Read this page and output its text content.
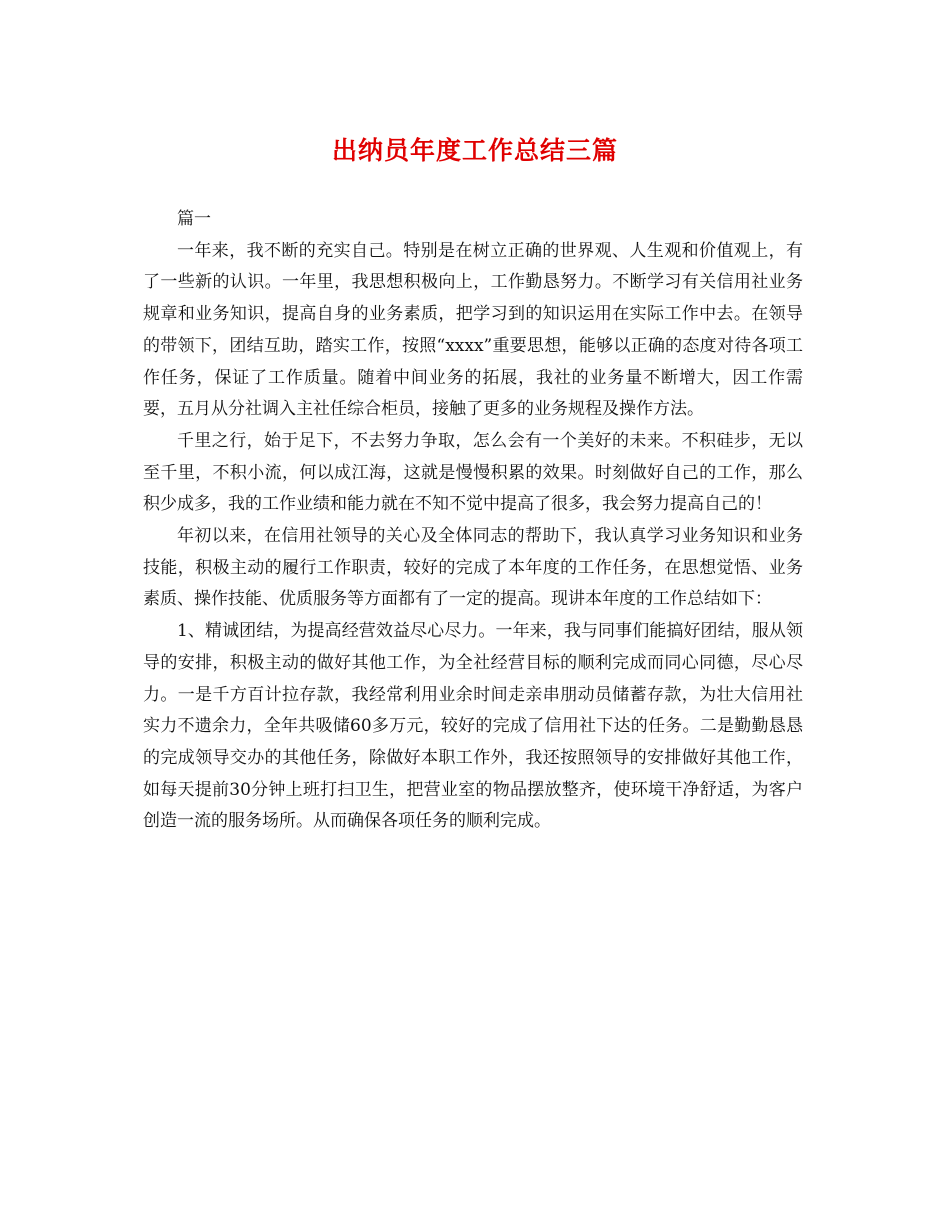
出纳员年度工作总结三篇

篇一

一年来，我不断的充实自己。特别是在树立正确的世界观、人生观和价值观上，有了一些新的认识。一年里，我思想积极向上，工作勤恳努力。不断学习有关信用社业务规章和业务知识，提高自身的业务素质，把学习到的知识运用在实际工作中去。在领导的带领下，团结互助，踏实工作，按照“xxxx”重要思想，能够以正确的态度对待各项工作任务，保证了工作质量。随着中间业务的拓展，我社的业务量不断增大，因工作需要，五月从分社调入主社任综合柜员，接触了更多的业务规程及操作方法。

千里之行，始于足下，不去努力争取，怎么会有一个美好的未来。不积硅步，无以至千里，不积小流，何以成江海，这就是慢慢积累的效果。时刻做好自己的工作，那么积少成多，我的工作业绩和能力就在不知不觉中提高了很多，我会努力提高自己的！

年初以来，在信用社领导的关心及全体同志的帮助下，我认真学习业务知识和业务技能，积极主动的履行工作职责，较好的完成了本年度的工作任务，在思想觉悟、业务素质、操作技能、优质服务等方面都有了一定的提高。现讲本年度的工作总结如下：

1、精诚团结，为提高经营效益尽心尽力。一年来，我与同事们能搞好团结，服从领导的安排，积极主动的做好其他工作，为全社经营目标的顺利完成而同心同德，尽心尽力。一是千方百计拉存款，我经常利用业余时间走亲串朋动员储蓄存款，为壮大信用社实力不遗余力，全年共吸储60多万元，较好的完成了信用社下达的任务。二是勤勤恳恳的完成领导交办的其他任务，除做好本职工作外，我还按照领导的安排做好其他工作，如每天提前30分钟上班打扫卫生，把营业室的物品摆放整齐，使环境干净舒适，为客户创造一流的服务场所。从而确保各项任务的顺利完成。
